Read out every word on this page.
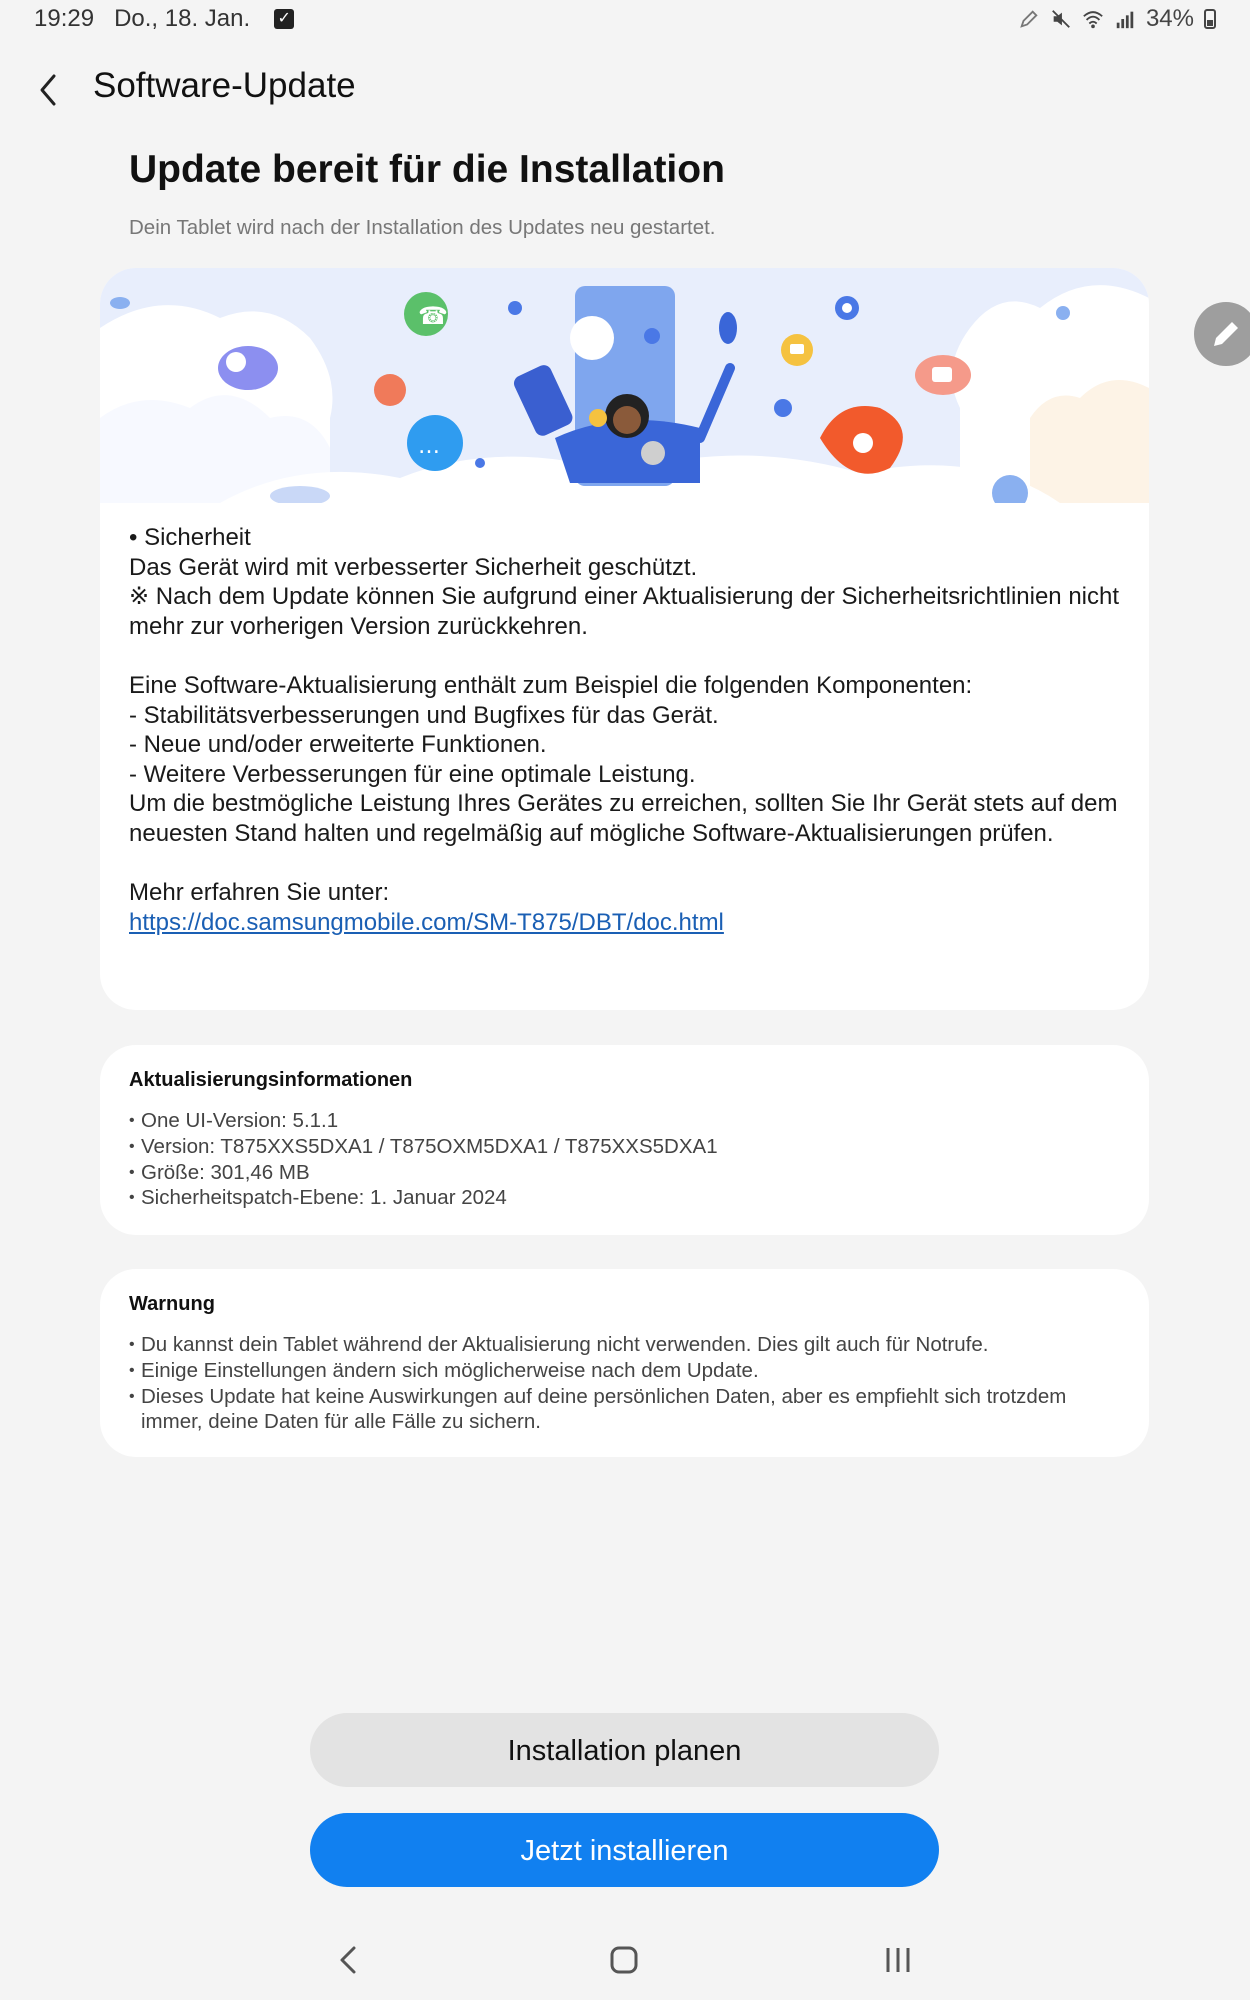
19:29 Do., 18. Jan. ✓	34%
Software-Update
Update bereit für die Installation
Dein Tablet wird nach der Installation des Updates neu gestartet.
☎
…

• Sicherheit

Das Gerät wird mit verbesserter Sicherheit geschützt.

※ Nach dem Update können Sie aufgrund einer Aktualisierung der Sicherheitsrichtlinien nicht mehr zur vorherigen Version zurückkehren.

Eine Software-Aktualisierung enthält zum Beispiel die folgenden Komponenten:

- Stabilitätsverbesserungen und Bugfixes für das Gerät.

- Neue und/oder erweiterte Funktionen.

- Weitere Verbesserungen für eine optimale Leistung.

Um die bestmögliche Leistung Ihres Gerätes zu erreichen, sollten Sie Ihr Gerät stets auf dem neuesten Stand halten und regelmäßig auf mögliche Software-Aktualisierungen prüfen.

Mehr erfahren Sie unter:

https://doc.samsungmobile.com/SM-T875/DBT/doc.html

Aktualisierungsinformationen
• One UI-Version: 5.1.1
• Version: T875XXS5DXA1 / T875OXM5DXA1 / T875XXS5DXA1
• Größe: 301,46 MB
• Sicherheitspatch-Ebene: 1. Januar 2024
Warnung
• Du kannst dein Tablet während der Aktualisierung nicht verwenden. Dies gilt auch für Notrufe.
• Einige Einstellungen ändern sich möglicherweise nach dem Update.
• Dieses Update hat keine Auswirkungen auf deine persönlichen Daten, aber es empfiehlt sich trotzdem immer, deine Daten für alle Fälle zu sichern.
Installation planen
Jetzt installieren
